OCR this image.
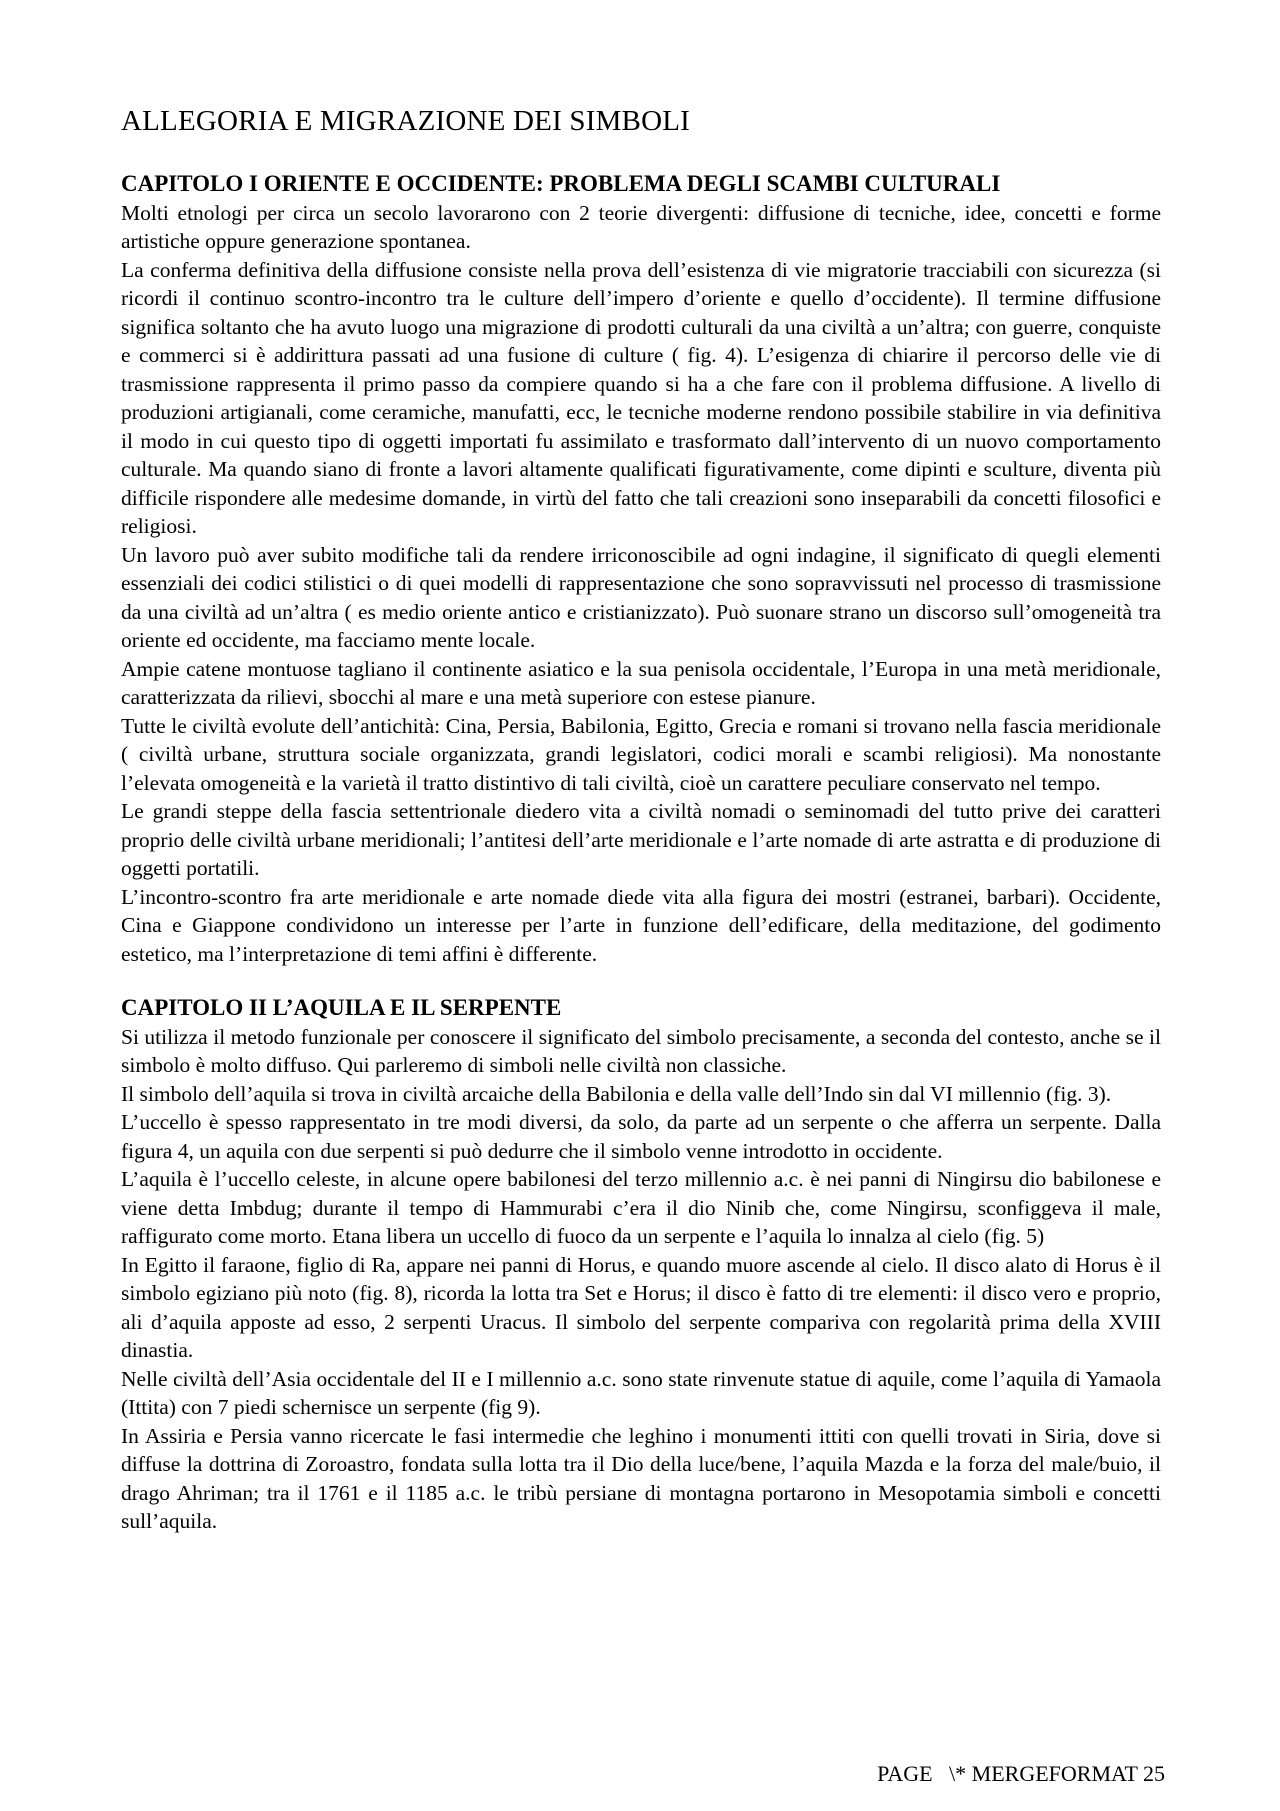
ALLEGORIA E MIGRAZIONE DEI SIMBOLI
CAPITOLO I ORIENTE E OCCIDENTE: PROBLEMA DEGLI SCAMBI CULTURALI

Molti etnologi per circa un secolo lavorarono con 2 teorie divergenti: diffusione di tecniche, idee, concetti e forme artistiche oppure generazione spontanea.

La conferma definitiva della diffusione consiste nella prova dell’esistenza di vie migratorie tracciabili con sicurezza (si ricordi il continuo scontro-incontro tra le culture dell’impero d’oriente e quello d’occidente). Il termine diffusione significa soltanto che ha avuto luogo una migrazione di prodotti culturali da una civiltà a un’altra; con guerre, conquiste e commerci si è addirittura passati ad una fusione di culture ( fig. 4). L’esigenza di chiarire il percorso delle vie di trasmissione rappresenta il primo passo da compiere quando si ha a che fare con il problema diffusione. A livello di produzioni artigianali, come ceramiche, manufatti, ecc, le tecniche moderne rendono possibile stabilire in via definitiva il modo in cui questo tipo di oggetti importati fu assimilato e trasformato dall’intervento di un nuovo comportamento culturale. Ma quando siano di fronte a lavori altamente qualificati figurativamente, come dipinti e sculture, diventa più difficile rispondere alle medesime domande, in virtù del fatto che tali creazioni sono inseparabili da concetti filosofici e religiosi.

Un lavoro può aver subito modifiche tali da rendere irriconoscibile ad ogni indagine, il significato di quegli elementi essenziali dei codici stilistici o di quei modelli di rappresentazione che sono sopravvissuti nel processo di trasmissione da una civiltà ad un’altra ( es medio oriente antico e cristianizzato). Può suonare strano un discorso sull’omogeneità tra oriente ed occidente, ma facciamo mente locale.

Ampie catene montuose tagliano il continente asiatico e la sua penisola occidentale, l’Europa in una metà meridionale, caratterizzata da rilievi, sbocchi al mare e una metà superiore con estese pianure.

Tutte le civiltà evolute dell’antichità: Cina, Persia, Babilonia, Egitto, Grecia e romani si trovano nella fascia meridionale ( civiltà urbane, struttura sociale organizzata, grandi legislatori, codici morali e scambi religiosi). Ma nonostante l’elevata omogeneità e la varietà il tratto distintivo di tali civiltà, cioè un carattere peculiare conservato nel tempo.

Le grandi steppe della fascia settentrionale diedero vita a civiltà nomadi o seminomadi del tutto prive dei caratteri proprio delle civiltà urbane meridionali; l’antitesi dell’arte meridionale e l’arte nomade di arte astratta e di produzione di oggetti portatili.

L’incontro-scontro fra arte meridionale e arte nomade diede vita alla figura dei mostri (estranei, barbari). Occidente, Cina e Giappone condividono un interesse per l’arte in funzione dell’edificare, della meditazione, del godimento estetico, ma l’interpretazione di temi affini è differente.

CAPITOLO II L’AQUILA E IL SERPENTE

Si utilizza il metodo funzionale per conoscere il significato del simbolo precisamente, a seconda del contesto, anche se il simbolo è molto diffuso. Qui parleremo di simboli nelle civiltà non classiche.

Il simbolo dell’aquila si trova in civiltà arcaiche della Babilonia e della valle dell’Indo sin dal VI millennio (fig. 3).

L’uccello è spesso rappresentato in tre modi diversi, da solo, da parte ad un serpente o che afferra un serpente. Dalla figura 4, un aquila con due serpenti si può dedurre che il simbolo venne introdotto in occidente.

L’aquila è l’uccello celeste, in alcune opere babilonesi del terzo millennio a.c. è nei panni di Ningirsu dio babilonese e viene detta Imbdug; durante il tempo di Hammurabi c’era il dio Ninib che, come Ningirsu, sconfiggeva il male, raffigurato come morto. Etana libera un uccello di fuoco da un serpente e l’aquila lo innalza al cielo (fig. 5)

In Egitto il faraone, figlio di Ra, appare nei panni di Horus, e quando muore ascende al cielo. Il disco alato di Horus è il simbolo egiziano più noto (fig. 8), ricorda la lotta tra Set e Horus; il disco è fatto di tre elementi: il disco vero e proprio, ali d’aquila apposte ad esso, 2 serpenti Uracus. Il simbolo del serpente compariva con regolarità prima della XVIII dinastia.

Nelle civiltà dell’Asia occidentale del II e I millennio a.c. sono state rinvenute statue di aquile, come l’aquila di Yamaola (Ittita) con 7 piedi schernisce un serpente (fig 9).

In Assiria e Persia vanno ricercate le fasi intermedie che leghino i monumenti ittiti con quelli trovati in Siria, dove si diffuse la dottrina di Zoroastro, fondata sulla lotta tra il Dio della luce/bene, l’aquila Mazda e la forza del male/buio, il drago Ahriman; tra il 1761 e il 1185 a.c. le tribù persiane di montagna portarono in Mesopotamia simboli e concetti sull’aquila.

PAGE   \* MERGEFORMAT 25
